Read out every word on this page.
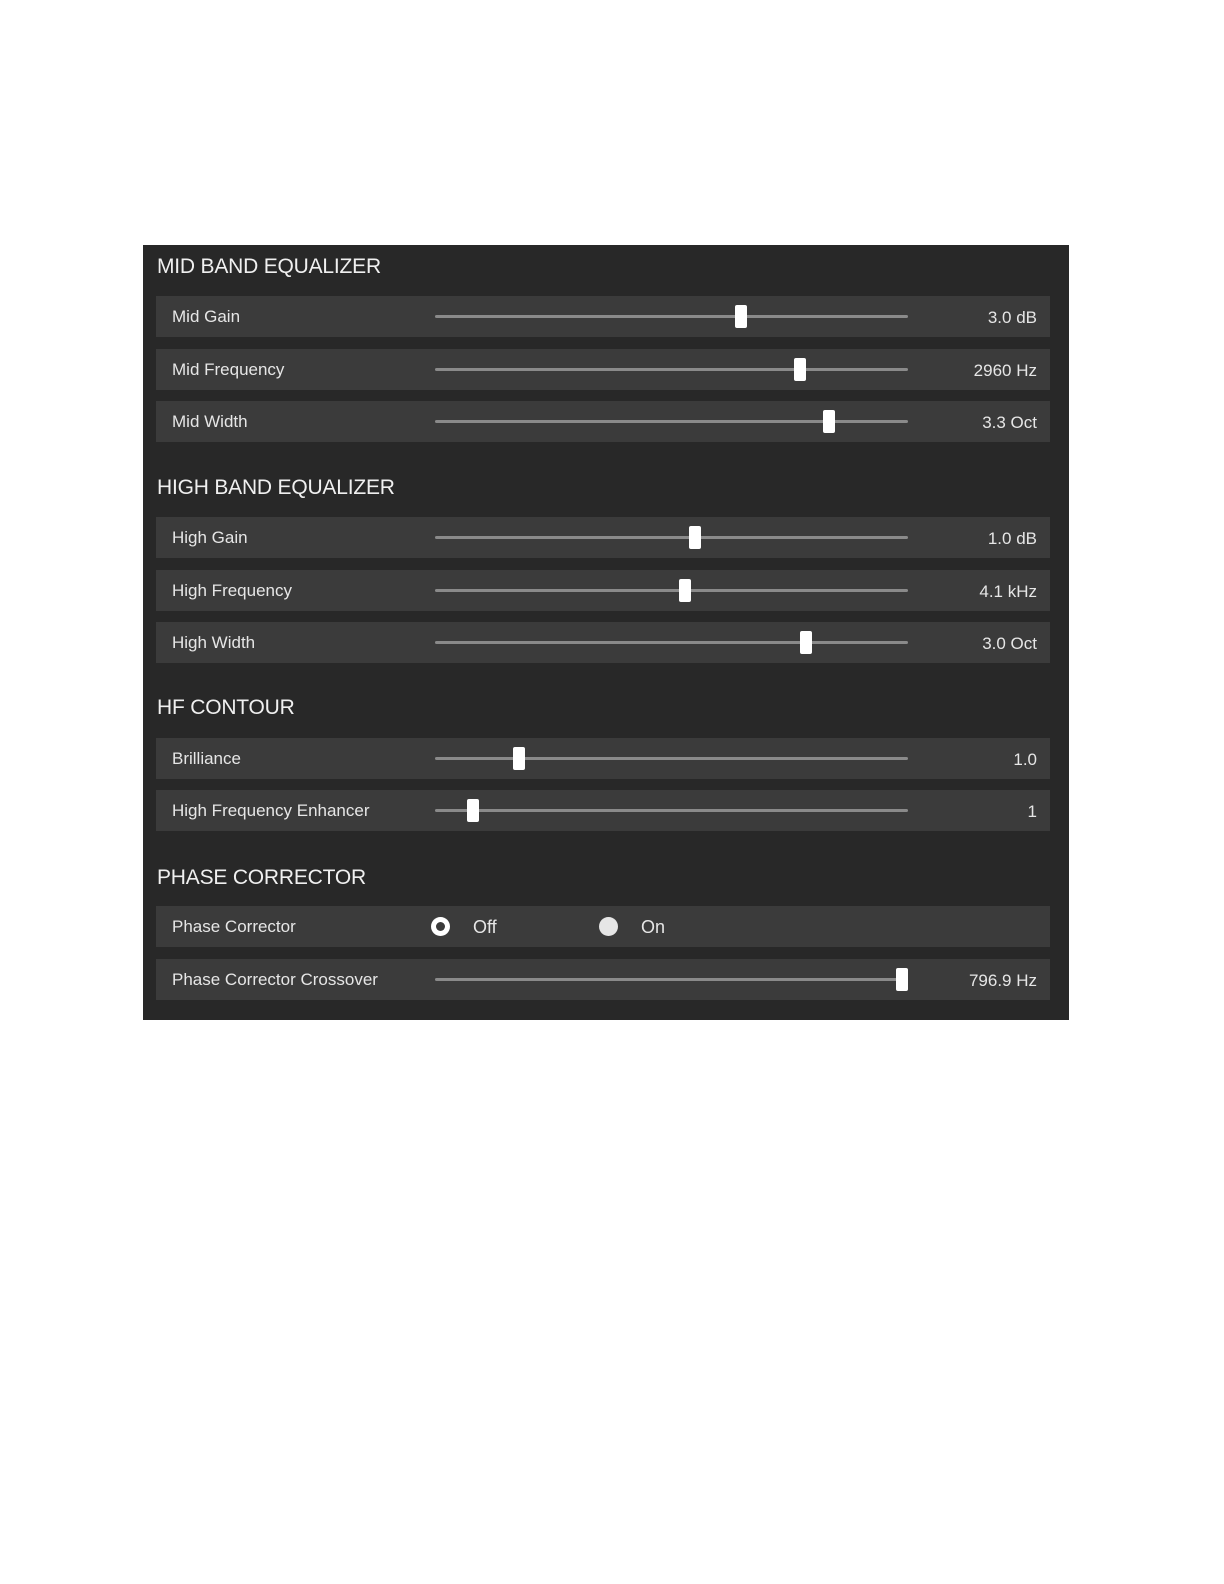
MID BAND EQUALIZER
Mid Gain	3.0 dB
Mid Frequency	2960 Hz
Mid Width	3.3 Oct
HIGH BAND EQUALIZER
High Gain	1.0 dB
High Frequency	4.1 kHz
High Width	3.0 Oct
HF CONTOUR
Brilliance	1.0
High Frequency Enhancer	1
PHASE CORRECTOR
Phase Corrector	Off	On
Phase Corrector Crossover	796.9 Hz
